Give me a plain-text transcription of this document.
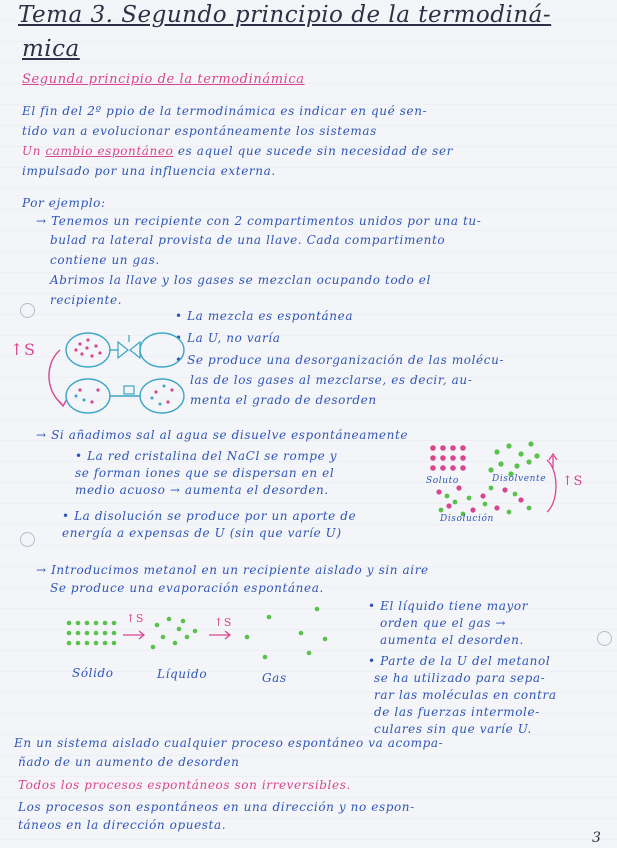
Tema 3. Segundo principio de la termodiná-
mica
Segunda principio de la termodinámica
El fin del 2º ppio de la termodinámica es indicar en qué sen-
tido van a evolucionar espontáneamente los sistemas
Un cambio espontáneo es aquel que sucede sin necesidad de ser
impulsado por una influencia externa.
Por ejemplo:
→ Tenemos un recipiente con 2 compartimentos unidos por una tu-
bulad ra lateral provista de una llave. Cada compartimento
contiene un gas.
Abrimos la llave y los gases se mezclan ocupando todo el
recipiente.
• La mezcla es espontánea
• La U, no varía
• Se produce una desorganización de las molécu-
las de los gases al mezclarse, es decir, au-
menta el grado de desorden
↑S
→ Si añadimos sal al agua se disuelve espontáneamente
• La red cristalina del NaCl se rompe y
se forman iones que se dispersan en el
medio acuoso → aumenta el desorden.
• La disolución se produce por un aporte de
energía a expensas de U (sin que varíe U)
Soluto	Disolvente
Disolución
↑S
→ Introducimos metanol en un recipiente aislado y sin aire
Se produce una evaporación espontánea.
↑S	↑S
Sólido	Líquido	Gas
• El líquido tiene mayor
orden que el gas →
aumenta el desorden.
• Parte de la U del metanol
se ha utilizado para sepa-
rar las moléculas en contra
de las fuerzas intermole-
culares sin que varíe U.
En un sistema aislado cualquier proceso espontáneo va acompa-
ñado de un aumento de desorden
Todos los procesos espontáneos son irreversibles.
Los procesos son espontáneos en una dirección y no espon-
táneos en la dirección opuesta.
3
